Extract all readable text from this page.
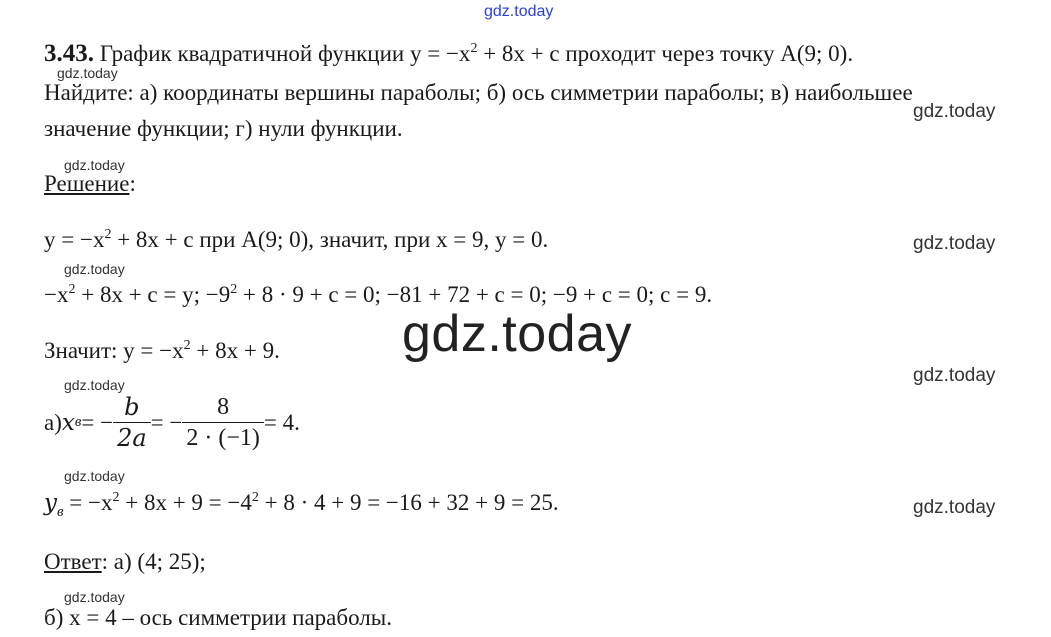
gdz.today
3.43. График квадратичной функции $y = -x^2 + 8x + c$ проходит через точку A(9; 0).
gdz.today
Найдите: а) координаты вершины параболы; б) ось симметрии параболы; в) наибольшее
gdz.today
значение функции; г) нули функции.
gdz.today
Решение:
$y = -x^2 + 8x + c$ при A(9; 0), значит, при x = 9, y = 0.	gdz.today
gdz.today
$-x^2 + 8x + c = y$; $-9^2 + 8 \cdot 9 + c = 0$; −81 + 72 + c = 0; −9 + c = 0; c = 9.
gdz.today
Значит: $y = -x^2 + 8x + 9$.
gdz.today	gdz.today
а) x в = − $\frac{b}{2a}$ = − $\frac{8}{2 \cdot (-1)} = 4$.
gdz.today
$y_в = -x^2 + 8x + 9 = -4^2 + 8 \cdot 4 + 9 = -16 + 32 + 9 = 25$.	gdz.today
Ответ: а) (4; 25);
gdz.today
б) x = 4 – ось симметрии параболы.
